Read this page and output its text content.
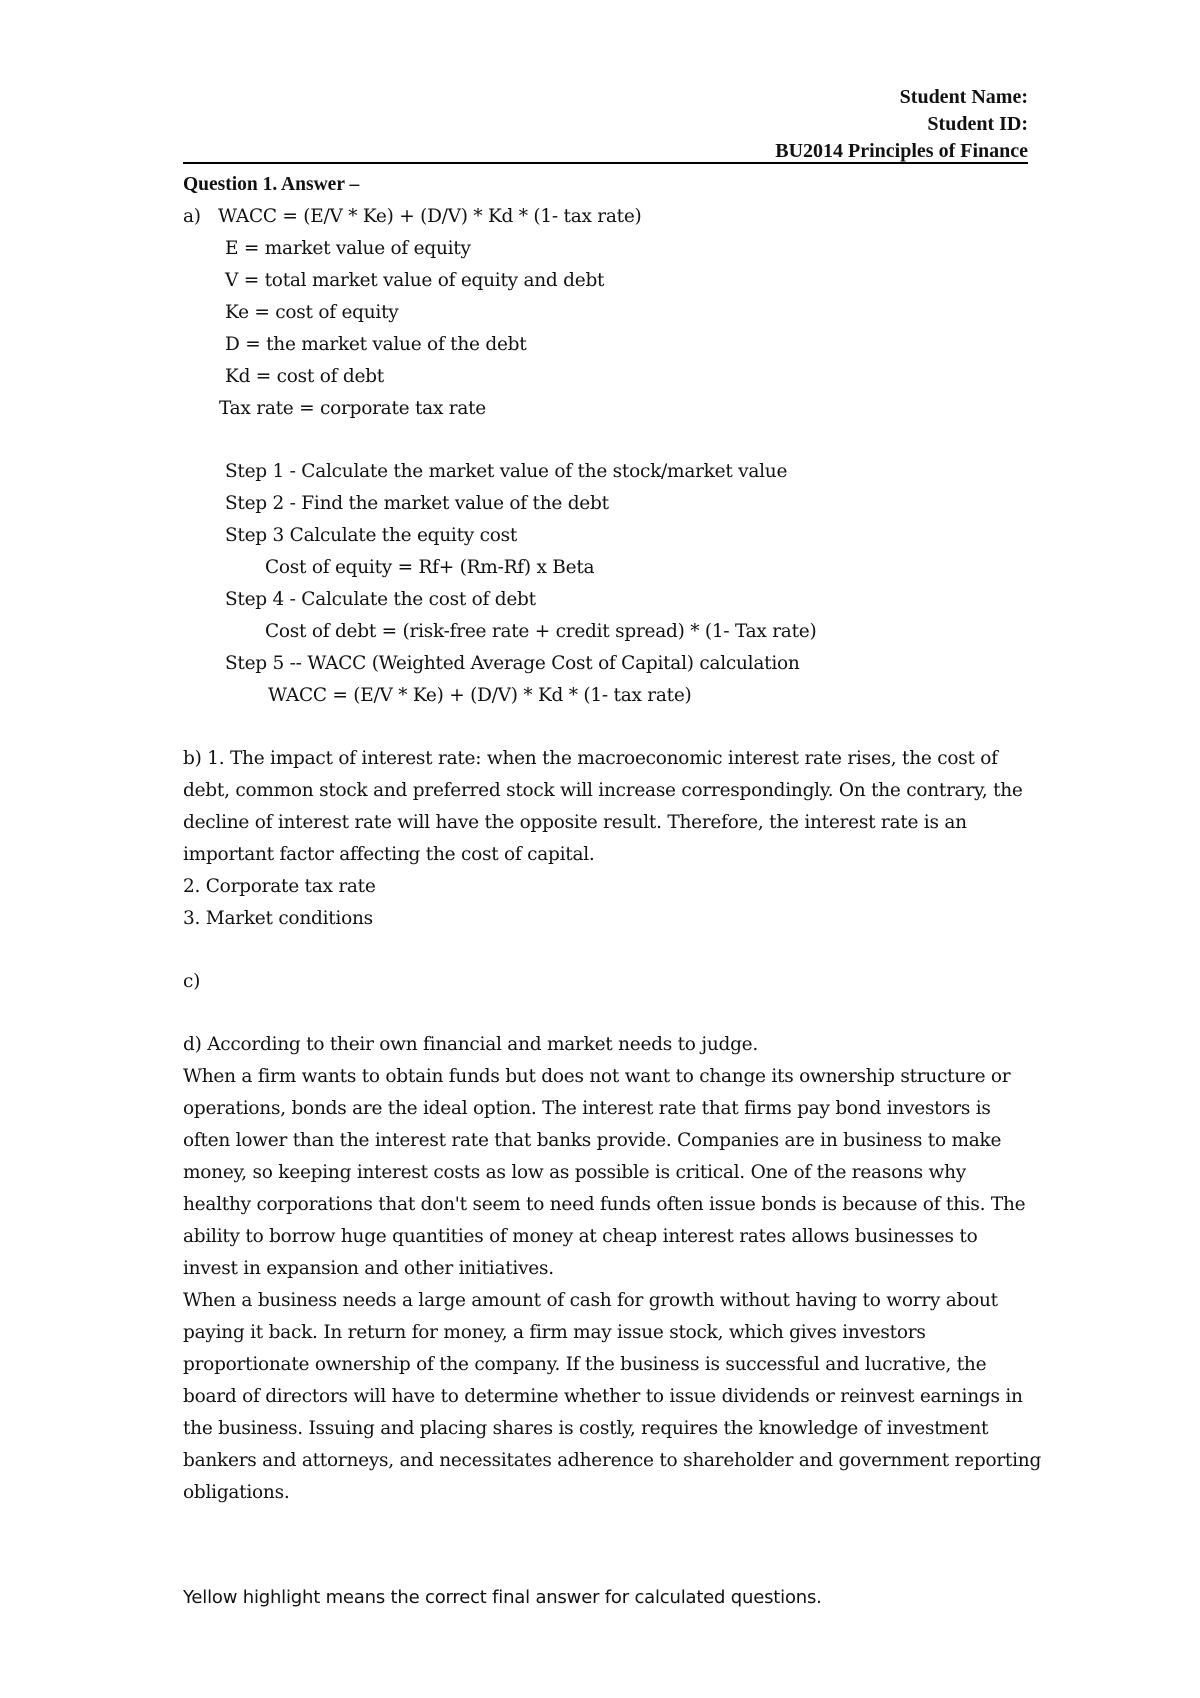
Student Name:
Student ID:
BU2014 Principles of Finance
Question 1. Answer –
a) WACC = (E/V * Ke) + (D/V) * Kd * (1- tax rate)
E = market value of equity
V = total market value of equity and debt
Ke = cost of equity
D = the market value of the debt
Kd = cost of debt
Tax rate = corporate tax rate
Step 1 - Calculate the market value of the stock/market value
Step 2 - Find the market value of the debt
Step 3 Calculate the equity cost
Cost of equity = Rf+ (Rm-Rf) x Beta
Step 4 - Calculate the cost of debt
Cost of debt = (risk-free rate + credit spread) * (1- Tax rate)
Step 5 -- WACC (Weighted Average Cost of Capital) calculation
WACC = (E/V * Ke) + (D/V) * Kd * (1- tax rate)
b) 1. The impact of interest rate: when the macroeconomic interest rate rises, the cost of
debt, common stock and preferred stock will increase correspondingly. On the contrary, the
decline of interest rate will have the opposite result. Therefore, the interest rate is an
important factor affecting the cost of capital.
2. Corporate tax rate
3. Market conditions
c)
d) According to their own financial and market needs to judge.
When a firm wants to obtain funds but does not want to change its ownership structure or
operations, bonds are the ideal option. The interest rate that firms pay bond investors is
often lower than the interest rate that banks provide. Companies are in business to make
money, so keeping interest costs as low as possible is critical. One of the reasons why
healthy corporations that don't seem to need funds often issue bonds is because of this. The
ability to borrow huge quantities of money at cheap interest rates allows businesses to
invest in expansion and other initiatives.
When a business needs a large amount of cash for growth without having to worry about
paying it back. In return for money, a firm may issue stock, which gives investors
proportionate ownership of the company. If the business is successful and lucrative, the
board of directors will have to determine whether to issue dividends or reinvest earnings in
the business. Issuing and placing shares is costly, requires the knowledge of investment
bankers and attorneys, and necessitates adherence to shareholder and government reporting
obligations.
Yellow highlight means the correct final answer for calculated questions.
